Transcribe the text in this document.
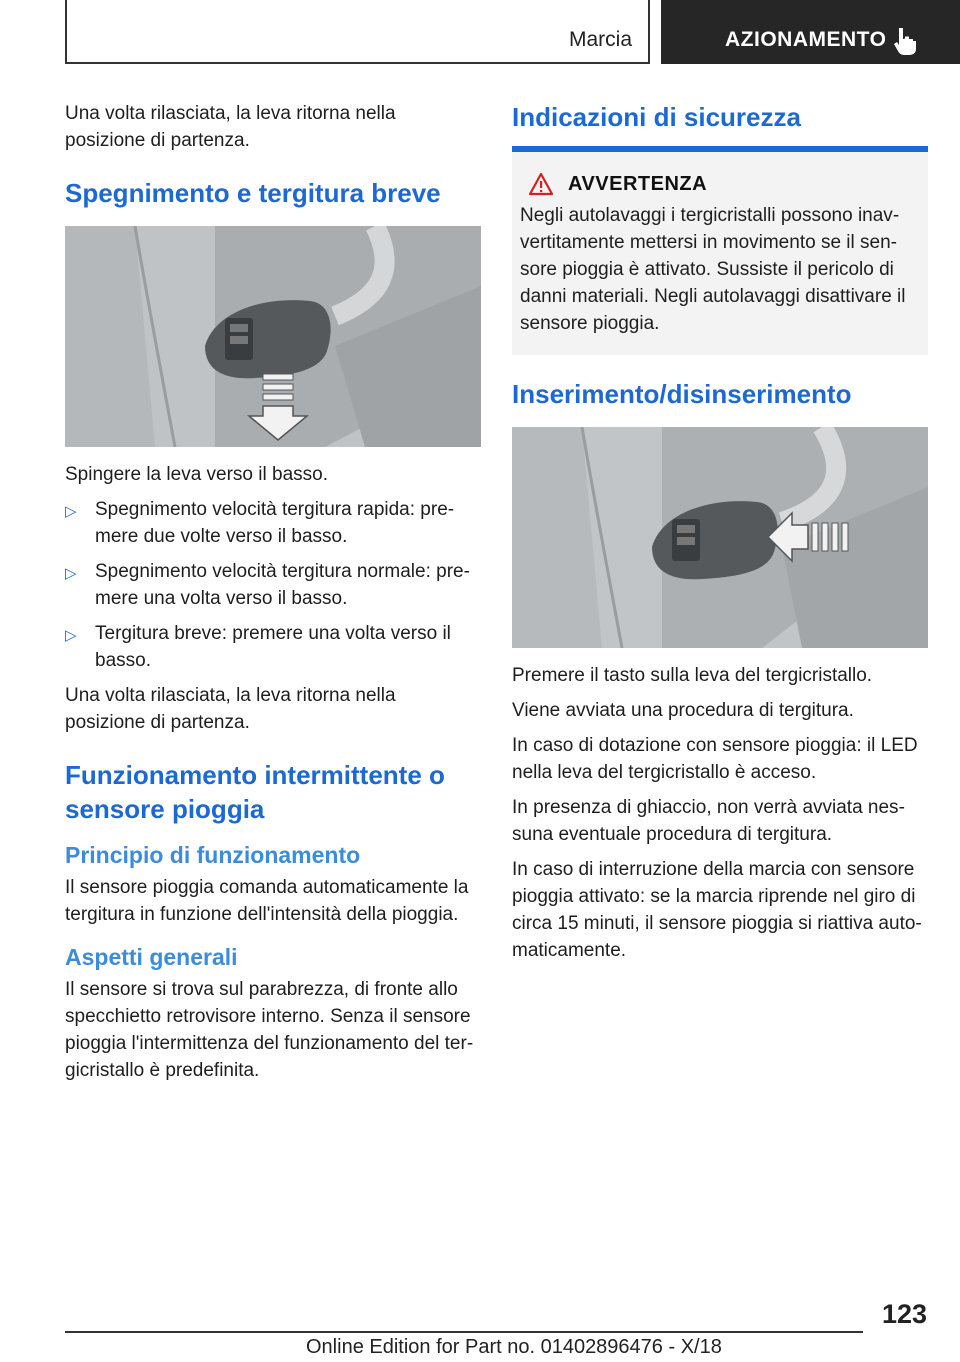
Marcia	AZIONAMENTO

Una volta rilasciata, la leva ritorna nella posizione di partenza.

Spegnimento e tergitura breve

Spingere la leva verso il basso.

▷ Spegnimento velocità tergitura rapida: premere due volte verso il basso.
▷ Spegnimento velocità tergitura normale: premere una volta verso il basso.
▷ Tergitura breve: premere una volta verso il basso.

Una volta rilasciata, la leva ritorna nella posizione di partenza.

Funzionamento intermittente o sensore pioggia
Principio di funzionamento

Il sensore pioggia comanda automaticamente la tergitura in funzione dell'intensità della pioggia.

Aspetti generali

Il sensore si trova sul parabrezza, di fronte allo specchietto retrovisore interno. Senza il sensore pioggia l'intermittenza del funzionamento del tergicristallo è predefinita.

Indicazioni di sicurezza
AVVERTENZA

Negli autolavaggi i tergicristalli possono inavvertitamente mettersi in movimento se il sensore pioggia è attivato. Sussiste il pericolo di danni materiali. Negli autolavaggi disattivare il sensore pioggia.

Inserimento/disinserimento

Premere il tasto sulla leva del tergicristallo.

Viene avviata una procedura di tergitura.

In caso di dotazione con sensore pioggia: il LED nella leva del tergicristallo è acceso.

In presenza di ghiaccio, non verrà avviata nessuna eventuale procedura di tergitura.

In caso di interruzione della marcia con sensore pioggia attivato: se la marcia riprende nel giro di circa 15 minuti, il sensore pioggia si riattiva automaticamente.

123
Online Edition for Part no. 01402896476 - X/18
